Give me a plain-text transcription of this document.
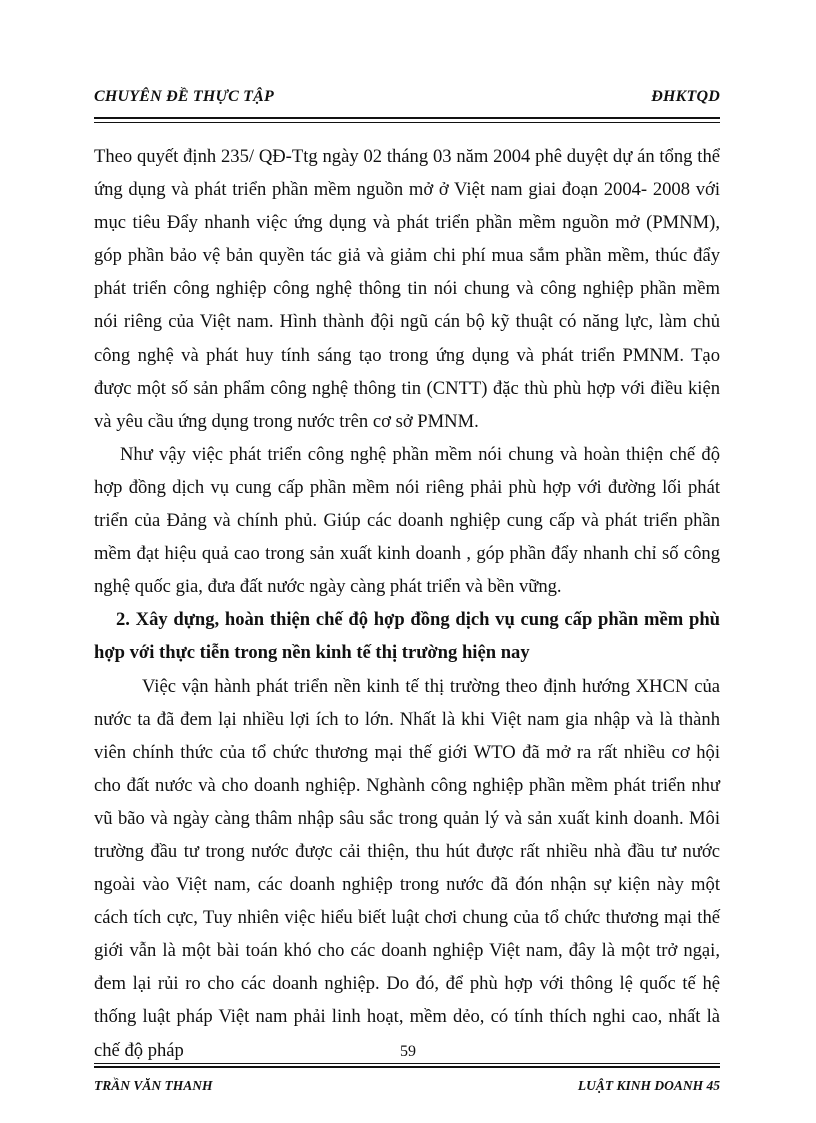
CHUYÊN ĐỀ THỰC TẬP	ĐHKTQD

Theo quyết định 235/ QĐ-Ttg ngày 02 tháng 03 năm 2004 phê duyệt dự án tổng thể ứng dụng và phát triển phần mềm nguồn mở ở Việt nam giai đoạn 2004- 2008 với mục tiêu Đẩy nhanh việc ứng dụng và phát triển phần mềm nguồn mở (PMNM), góp phần bảo vệ bản quyền tác giả và giảm chi phí mua sắm phần mềm, thúc đẩy phát triển công nghiệp công nghệ thông tin nói chung và công nghiệp phần mềm nói riêng của Việt nam. Hình thành đội ngũ cán bộ kỹ thuật có năng lực, làm chủ công nghệ và phát huy tính sáng tạo trong ứng dụng và phát triển PMNM. Tạo được một số sản phẩm công nghệ thông tin (CNTT) đặc thù phù hợp với điều kiện và yêu cầu ứng dụng trong nước trên cơ sở PMNM.

Như vậy việc phát triển công nghệ phần mềm nói chung và hoàn thiện chế độ hợp đồng dịch vụ cung cấp phần mềm nói riêng phải phù hợp với đường lối phát triển của Đảng và chính phủ. Giúp các doanh nghiệp cung cấp và phát triển phần mềm đạt hiệu quả cao trong sản xuất kinh doanh , góp phần đẩy nhanh chỉ số công nghệ quốc gia, đưa đất nước ngày càng phát triển và bền vững.

2. Xây dựng, hoàn thiện chế độ hợp đồng dịch vụ cung cấp phần mềm phù hợp với thực tiễn trong nền kinh tế thị trường hiện nay

Việc vận hành phát triển nền kinh tế thị trường theo định hướng XHCN của nước ta đã đem lại nhiều lợi ích to lớn. Nhất là khi Việt nam gia nhập và là thành viên chính thức của tổ chức thương mại thế giới WTO đã mở ra rất nhiều cơ hội cho đất nước và cho doanh nghiệp. Nghành công nghiệp phần mềm phát triển như vũ bão và ngày càng thâm nhập sâu sắc trong quản lý và sản xuất kinh doanh. Môi trường đầu tư trong nước được cải thiện, thu hút được rất nhiều nhà đầu tư nước ngoài vào Việt nam, các doanh nghiệp trong nước đã đón nhận sự kiện này một cách tích cực, Tuy nhiên việc hiểu biết luật chơi chung của tổ chức thương mại thế giới vẫn là một bài toán khó cho các doanh nghiệp Việt nam, đây là một trở ngại, đem lại rủi ro cho các doanh nghiệp. Do đó, để phù hợp với thông lệ quốc tế hệ thống luật pháp Việt nam phải linh hoạt, mềm dẻo, có tính thích nghi cao, nhất là chế độ pháp	59
TRẦN VĂN THANH	LUẬT KINH DOANH 45
